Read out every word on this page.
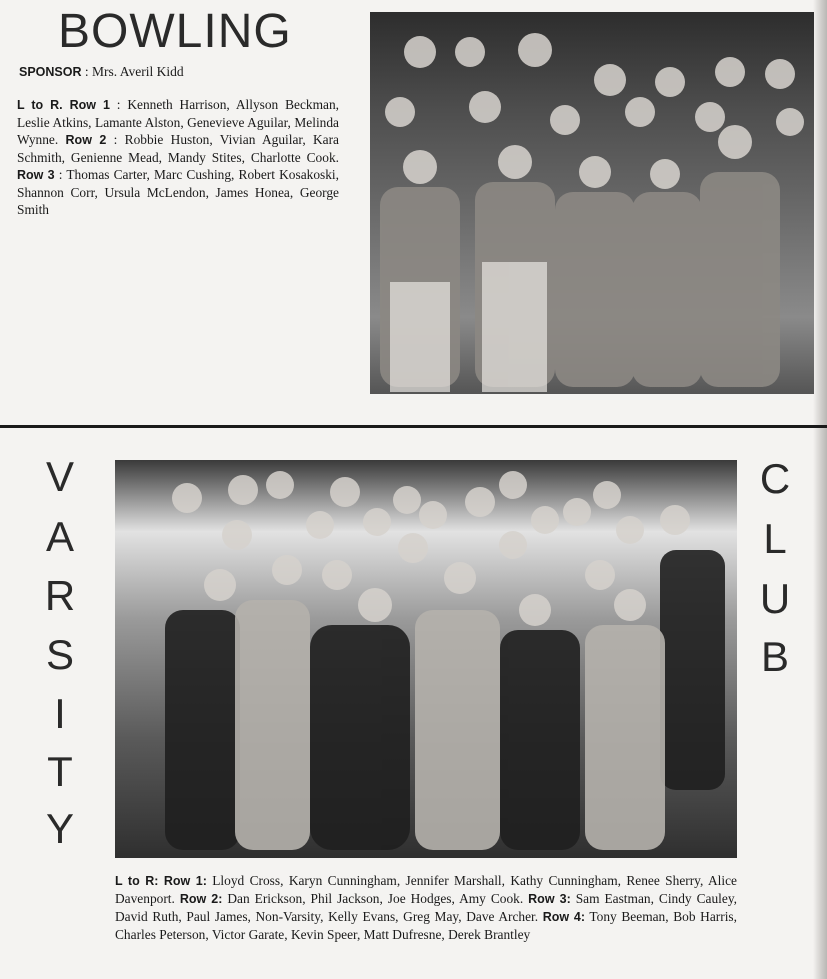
BOWLING
SPONSOR : Mrs. Averil Kidd

L to R. Row 1 : Kenneth Harrison, Allyson Beckman, Leslie Atkins, Lamante Alston, Genevieve Aguilar, Melinda Wynne. Row 2 : Robbie Huston, Vivian Aguilar, Kara Schmith, Genienne Mead, Mandy Stites, Charlotte Cook. Row 3 : Thomas Carter, Marc Cushing, Robert Kosakoski, Shannon Corr, Ursula McLendon, James Honea, George Smith

V
A
R
S
I
T
Y
C
L
U
B

L to R: Row 1: Lloyd Cross, Karyn Cunningham, Jennifer Marshall, Kathy Cunningham, Renee Sherry, Alice Davenport. Row 2: Dan Erickson, Phil Jackson, Joe Hodges, Amy Cook. Row 3: Sam Eastman, Cindy Cauley, David Ruth, Paul James, Non-Varsity, Kelly Evans, Greg May, Dave Archer. Row 4: Tony Beeman, Bob Harris, Charles Peterson, Victor Garate, Kevin Speer, Matt Dufresne, Derek Brantley
